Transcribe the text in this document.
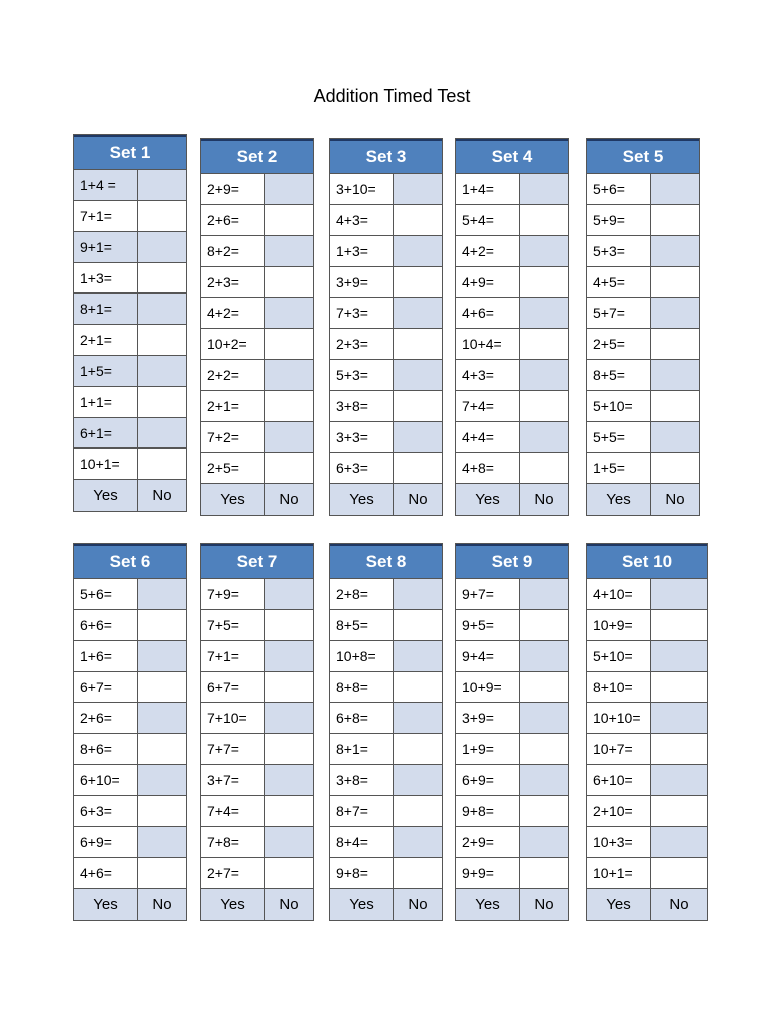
Addition Timed Test
Set 1
1+4 =
7+1=
9+1=
1+3=
8+1=
2+1=
1+5=
1+1=
6+1=
10+1=
Yes	No
Set 2
2+9=
2+6=
8+2=
2+3=
4+2=
10+2=
2+2=
2+1=
7+2=
2+5=
Yes	No
Set 3
3+10=
4+3=
1+3=
3+9=
7+3=
2+3=
5+3=
3+8=
3+3=
6+3=
Yes	No
Set 4
1+4=
5+4=
4+2=
4+9=
4+6=
10+4=
4+3=
7+4=
4+4=
4+8=
Yes	No
Set 5
5+6=
5+9=
5+3=
4+5=
5+7=
2+5=
8+5=
5+10=
5+5=
1+5=
Yes	No
Set 6
5+6=
6+6=
1+6=
6+7=
2+6=
8+6=
6+10=
6+3=
6+9=
4+6=
Yes	No
Set 7
7+9=
7+5=
7+1=
6+7=
7+10=
7+7=
3+7=
7+4=
7+8=
2+7=
Yes	No
Set 8
2+8=
8+5=
10+8=
8+8=
6+8=
8+1=
3+8=
8+7=
8+4=
9+8=
Yes	No
Set 9
9+7=
9+5=
9+4=
10+9=
3+9=
1+9=
6+9=
9+8=
2+9=
9+9=
Yes	No
Set 10
4+10=
10+9=
5+10=
8+10=
10+10=
10+7=
6+10=
2+10=
10+3=
10+1=
Yes	No
